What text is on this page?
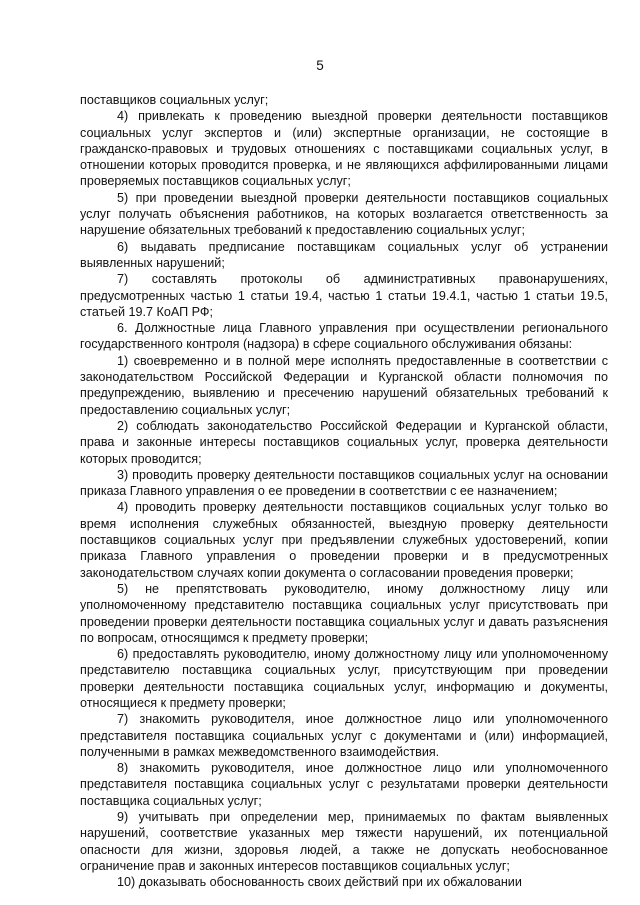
5

поставщиков социальных услуг;

4) привлекать к проведению выездной проверки деятельности поставщиков социальных услуг экспертов и (или) экспертные организации, не состоящие в гражданско-правовых и трудовых отношениях с поставщиками социальных услуг, в отношении которых проводится проверка, и не являющихся аффилированными лицами проверяемых поставщиков социальных услуг;

5) при проведении выездной проверки деятельности поставщиков социальных услуг получать объяснения работников, на которых возлагается ответственность за нарушение обязательных требований к предоставлению социальных услуг;

6) выдавать предписание поставщикам социальных услуг об устранении выявленных нарушений;

7) составлять протоколы об административных правонарушениях, предусмотренных частью 1 статьи 19.4, частью 1 статьи 19.4.1, частью 1 статьи 19.5, статьей 19.7 КоАП РФ;

6. Должностные лица Главного управления при осуществлении регионального государственного контроля (надзора) в сфере социального обслуживания обязаны:

1) своевременно и в полной мере исполнять предоставленные в соответствии с законодательством Российской Федерации и Курганской области полномочия по предупреждению, выявлению и пресечению нарушений обязательных требований к предоставлению социальных услуг;

2) соблюдать законодательство Российской Федерации и Курганской области, права и законные интересы поставщиков социальных услуг, проверка деятельности которых проводится;

3) проводить проверку деятельности поставщиков социальных услуг на основании приказа Главного управления о ее проведении в соответствии с ее назначением;

4) проводить проверку деятельности поставщиков социальных услуг только во время исполнения служебных обязанностей, выездную проверку деятельности поставщиков социальных услуг при предъявлении служебных удостоверений, копии приказа Главного управления о проведении проверки и в предусмотренных законодательством случаях копии документа о согласовании проведения проверки;

5) не препятствовать руководителю, иному должностному лицу или уполномоченному представителю поставщика социальных услуг присутствовать при проведении проверки деятельности поставщика социальных услуг и давать разъяснения по вопросам, относящимся к предмету проверки;

6) предоставлять руководителю, иному должностному лицу или уполномоченному представителю поставщика социальных услуг, присутствующим при проведении проверки деятельности поставщика социальных услуг, информацию и документы, относящиеся к предмету проверки;

7) знакомить руководителя, иное должностное лицо или уполномоченного представителя поставщика социальных услуг с документами и (или) информацией, полученными в рамках межведомственного взаимодействия.

8) знакомить руководителя, иное должностное лицо или уполномоченного представителя поставщика социальных услуг с результатами проверки деятельности поставщика социальных услуг;

9) учитывать при определении мер, принимаемых по фактам выявленных нарушений, соответствие указанных мер тяжести нарушений, их потенциальной опасности для жизни, здоровья людей, а также не допускать необоснованное ограничение прав и законных интересов поставщиков социальных услуг;

10) доказывать обоснованность своих действий при их обжаловании
